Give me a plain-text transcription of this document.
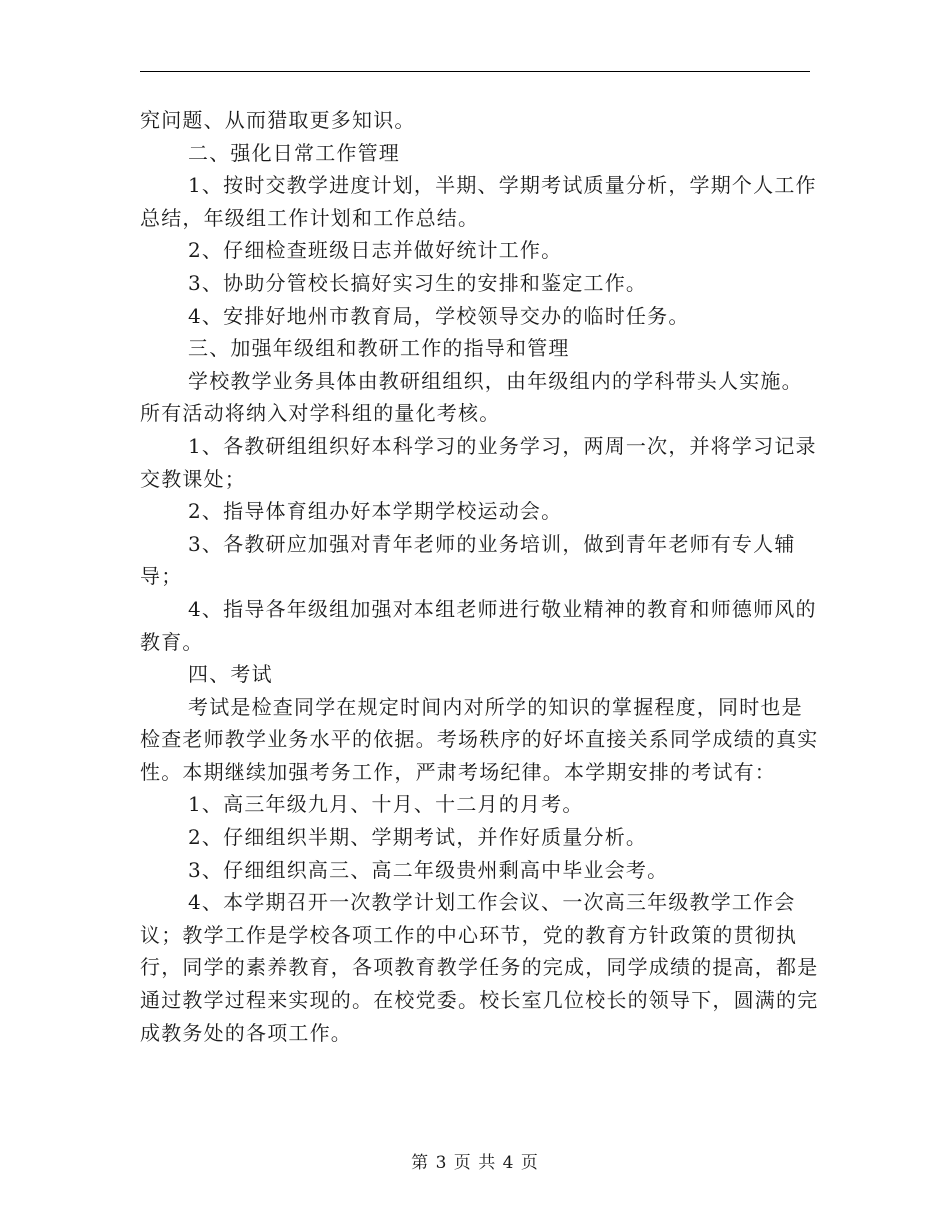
究问题、从而猎取更多知识。

二、强化日常工作管理

1、按时交教学进度计划，半期、学期考试质量分析，学期个人工作总结，年级组工作计划和工作总结。

2、仔细检查班级日志并做好统计工作。

3、协助分管校长搞好实习生的安排和鉴定工作。

4、安排好地州市教育局，学校领导交办的临时任务。

三、加强年级组和教研工作的指导和管理

学校教学业务具体由教研组组织，由年级组内的学科带头人实施。所有活动将纳入对学科组的量化考核。

1、各教研组组织好本科学习的业务学习，两周一次，并将学习记录交教课处；

2、指导体育组办好本学期学校运动会。

3、各教研应加强对青年老师的业务培训，做到青年老师有专人辅导；

4、指导各年级组加强对本组老师进行敬业精神的教育和师德师风的教育。

四、考试

考试是检查同学在规定时间内对所学的知识的掌握程度，同时也是检查老师教学业务水平的依据。考场秩序的好坏直接关系同学成绩的真实性。本期继续加强考务工作，严肃考场纪律。本学期安排的考试有：

1、高三年级九月、十月、十二月的月考。

2、仔细组织半期、学期考试，并作好质量分析。

3、仔细组织高三、高二年级贵州剩高中毕业会考。

4、本学期召开一次教学计划工作会议、一次高三年级教学工作会议；教学工作是学校各项工作的中心环节，党的教育方针政策的贯彻执行，同学的素养教育，各项教育教学任务的完成，同学成绩的提高，都是通过教学过程来实现的。在校党委。校长室几位校长的领导下，圆满的完成教务处的各项工作。

第 3 页 共 4 页
